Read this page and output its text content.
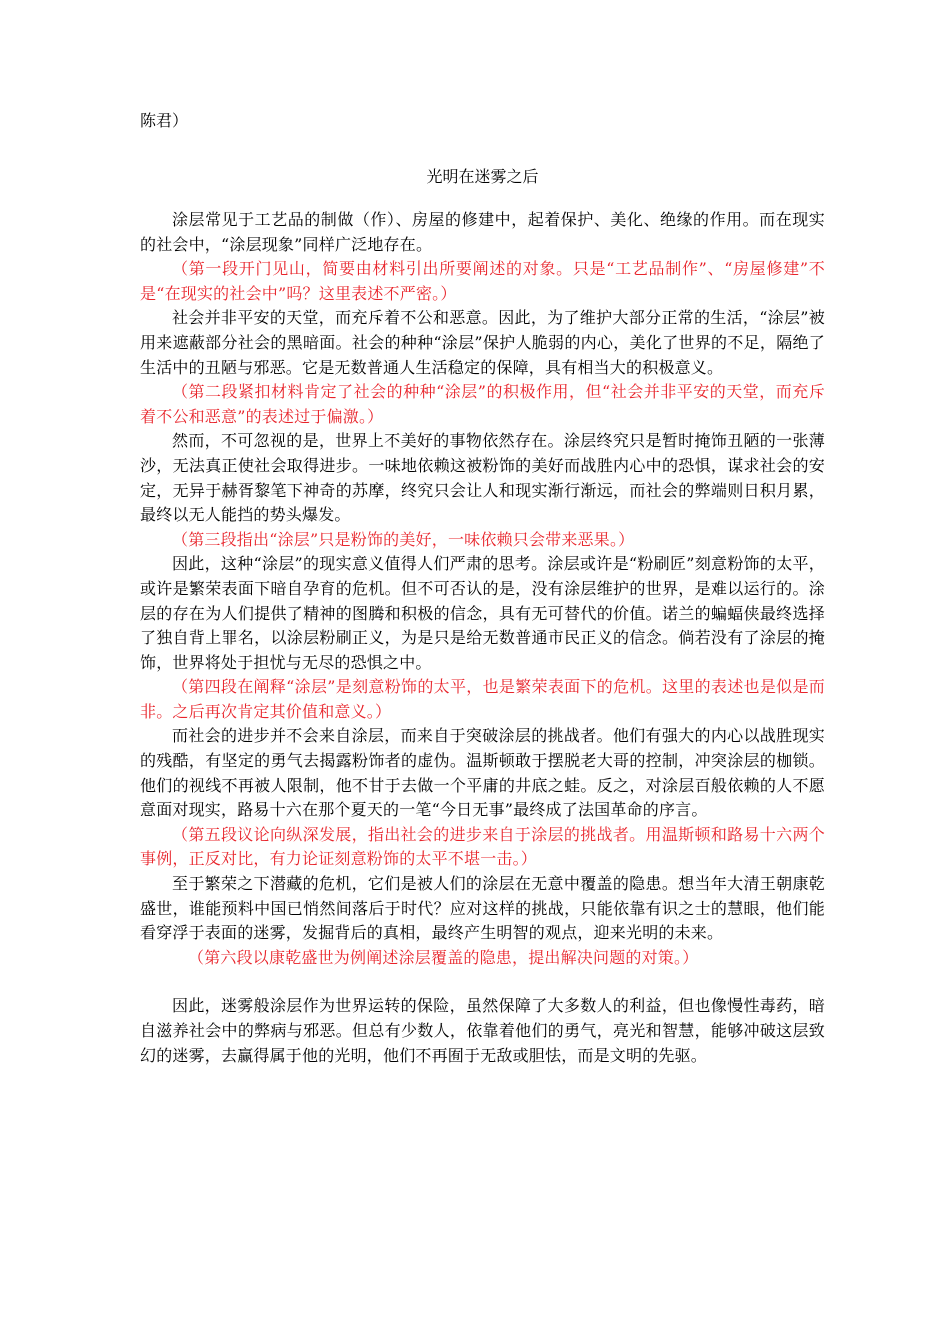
陈君）

光明在迷雾之后

涂层常见于工艺品的制做（作）、房屋的修建中，起着保护、美化、绝缘的作用。而在现实的社会中，“涂层现象”同样广泛地存在。

（第一段开门见山，简要由材料引出所要阐述的对象。只是“工艺品制作”、“房屋修建”不是“在现实的社会中”吗？这里表述不严密。）

社会并非平安的天堂，而充斥着不公和恶意。因此，为了维护大部分正常的生活，“涂层”被用来遮蔽部分社会的黑暗面。社会的种种“涂层”保护人脆弱的内心，美化了世界的不足，隔绝了生活中的丑陋与邪恶。它是无数普通人生活稳定的保障，具有相当大的积极意义。

（第二段紧扣材料肯定了社会的种种“涂层”的积极作用，但“社会并非平安的天堂，而充斥着不公和恶意”的表述过于偏激。）

然而，不可忽视的是，世界上不美好的事物依然存在。涂层终究只是暂时掩饰丑陋的一张薄沙，无法真正使社会取得进步。一味地依赖这被粉饰的美好而战胜内心中的恐惧，谋求社会的安定，无异于赫胥黎笔下神奇的苏摩，终究只会让人和现实渐行渐远，而社会的弊端则日积月累，最终以无人能挡的势头爆发。

（第三段指出“涂层”只是粉饰的美好，一味依赖只会带来恶果。）

因此，这种“涂层”的现实意义值得人们严肃的思考。涂层或许是“粉刷匠”刻意粉饰的太平，或许是繁荣表面下暗自孕育的危机。但不可否认的是，没有涂层维护的世界，是难以运行的。涂层的存在为人们提供了精神的图腾和积极的信念，具有无可替代的价值。诺兰的蝙蝠侠最终选择了独自背上罪名，以涂层粉刷正义，为是只是给无数普通市民正义的信念。倘若没有了涂层的掩饰，世界将处于担忧与无尽的恐惧之中。

（第四段在阐释“涂层”是刻意粉饰的太平，也是繁荣表面下的危机。这里的表述也是似是而非。之后再次肯定其价值和意义。）

而社会的进步并不会来自涂层，而来自于突破涂层的挑战者。他们有强大的内心以战胜现实的残酷，有坚定的勇气去揭露粉饰者的虚伪。温斯顿敢于摆脱老大哥的控制，冲突涂层的枷锁。他们的视线不再被人限制，他不甘于去做一个平庸的井底之蛙。反之，对涂层百般依赖的人不愿意面对现实，路易十六在那个夏天的一笔“今日无事”最终成了法国革命的序言。

（第五段议论向纵深发展，指出社会的进步来自于涂层的挑战者。用温斯顿和路易十六两个事例，正反对比，有力论证刻意粉饰的太平不堪一击。）

至于繁荣之下潜藏的危机，它们是被人们的涂层在无意中覆盖的隐患。想当年大清王朝康乾盛世，谁能预料中国已悄然间落后于时代？应对这样的挑战，只能依靠有识之士的慧眼，他们能看穿浮于表面的迷雾，发掘背后的真相，最终产生明智的观点，迎来光明的未来。

（第六段以康乾盛世为例阐述涂层覆盖的隐患，提出解决问题的对策。）

因此，迷雾般涂层作为世界运转的保险，虽然保障了大多数人的利益，但也像慢性毒药，暗自滋养社会中的弊病与邪恶。但总有少数人，依靠着他们的勇气，亮光和智慧，能够冲破这层致幻的迷雾，去赢得属于他的光明，他们不再囿于无敌或胆怯，而是文明的先驱。
